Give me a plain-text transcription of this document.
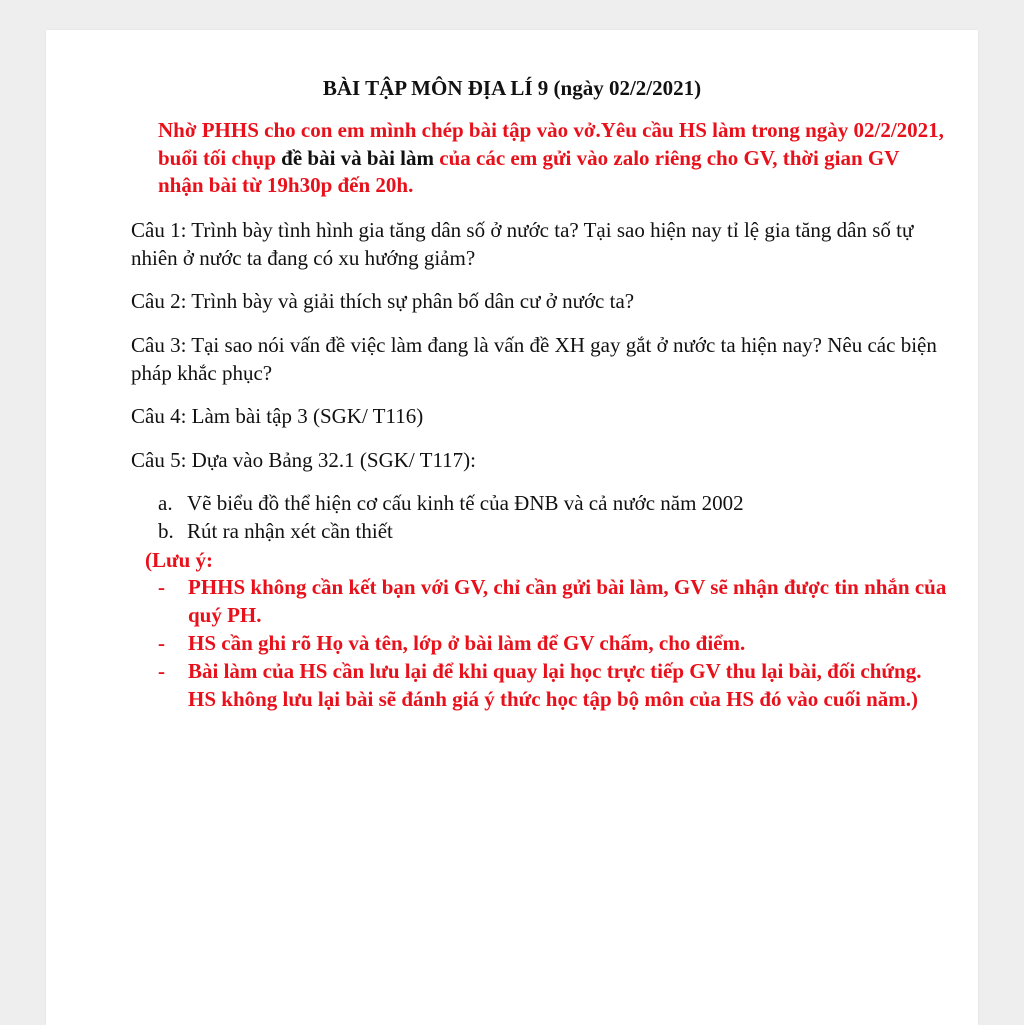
BÀI TẬP MÔN ĐỊA LÍ 9 (ngày 02/2/2021)
Nhờ PHHS cho con em mình chép bài tập vào vở.Yêu cầu HS làm trong ngày 02/2/2021, buổi tối chụp đề bài và bài làm của các em gửi vào zalo riêng cho GV, thời gian GV nhận bài từ 19h30p đến 20h.
Câu 1: Trình bày tình hình gia tăng dân số ở nước ta? Tại sao hiện nay tỉ lệ gia tăng dân số tự nhiên ở nước ta đang có xu hướng giảm?
Câu 2: Trình bày và giải thích sự phân bố dân cư ở nước ta?
Câu 3: Tại sao nói vấn đề việc làm đang là vấn đề XH gay gắt ở nước ta hiện nay? Nêu các biện pháp khắc phục?
Câu 4: Làm bài tập 3 (SGK/ T116)
Câu 5: Dựa vào Bảng 32.1 (SGK/ T117):
a. Vẽ biểu đồ thể hiện cơ cấu kinh tế của ĐNB và cả nước năm 2002
b. Rút ra nhận xét cần thiết
(Lưu ý:
- PHHS không cần kết bạn với GV, chỉ cần gửi bài làm, GV sẽ nhận được tin nhắn của quý PH.
- HS cần ghi rõ Họ và tên, lớp ở bài làm để GV chấm, cho điểm.
- Bài làm của HS cần lưu lại để khi quay lại học trực tiếp GV thu lại bài, đối chứng. HS không lưu lại bài sẽ đánh giá ý thức học tập bộ môn của HS đó vào cuối năm.)
